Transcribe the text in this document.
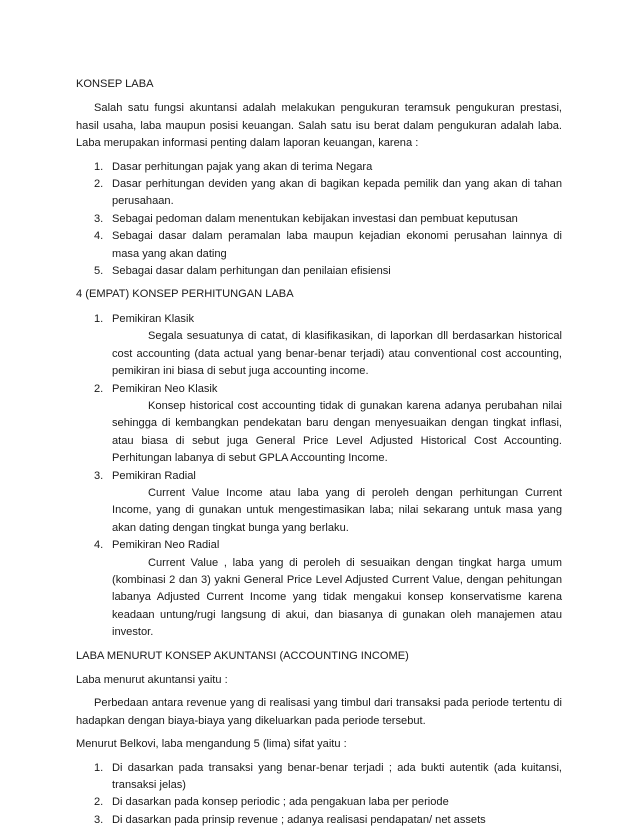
KONSEP LABA

Salah satu fungsi akuntansi adalah melakukan pengukuran teramsuk pengukuran prestasi, hasil usaha, laba maupun posisi keuangan. Salah satu isu berat dalam pengukuran adalah laba. Laba merupakan informasi penting dalam laporan keuangan, karena :

1. Dasar perhitungan pajak yang akan di terima Negara
2. Dasar perhitungan deviden yang akan di bagikan kepada pemilik dan yang akan di tahan perusahaan.
3. Sebagai pedoman dalam menentukan kebijakan investasi dan pembuat keputusan
4. Sebagai dasar dalam peramalan laba maupun kejadian ekonomi perusahan lainnya di masa yang akan dating
5. Sebagai dasar dalam perhitungan dan penilaian efisiensi
4 (EMPAT) KONSEP PERHITUNGAN LABA
1. Pemikiran Klasik
Segala sesuatunya di catat, di klasifikasikan, di laporkan dll berdasarkan historical cost accounting (data actual yang benar-benar terjadi) atau conventional cost accounting, pemikiran ini biasa di sebut juga accounting income.
2. Pemikiran Neo Klasik
Konsep historical cost accounting tidak di gunakan karena adanya perubahan nilai sehingga di kembangkan pendekatan baru dengan menyesuaikan dengan tingkat inflasi, atau biasa di sebut juga General Price Level Adjusted Historical Cost Accounting. Perhitungan labanya di sebut GPLA Accounting Income.
3. Pemikiran Radial
Current Value Income atau laba yang di peroleh dengan perhitungan Current Income, yang di gunakan untuk mengestimasikan laba; nilai sekarang untuk masa yang akan dating dengan tingkat bunga yang berlaku.
4. Pemikiran Neo Radial
Current Value , laba yang di peroleh di sesuaikan dengan tingkat harga umum (kombinasi 2 dan 3) yakni General Price Level Adjusted Current Value, dengan pehitungan labanya Adjusted Current Income yang tidak mengakui konsep konservatisme karena keadaan untung/rugi langsung di akui, dan biasanya di gunakan oleh manajemen atau investor.
LABA MENURUT KONSEP AKUNTANSI (ACCOUNTING INCOME)

Laba menurut akuntansi yaitu :

Perbedaan antara revenue yang di realisasi yang timbul dari transaksi pada periode tertentu di hadapkan dengan biaya-biaya yang dikeluarkan pada periode tersebut.

Menurut Belkovi, laba mengandung 5 (lima) sifat yaitu :

1. Di dasarkan pada transaksi yang benar-benar terjadi ; ada bukti autentik (ada kuitansi, transaksi jelas)
2. Di dasarkan pada konsep periodic ; ada pengakuan laba per periode
3. Di dasarkan pada prinsip revenue ; adanya realisasi pendapatan/ net assets
